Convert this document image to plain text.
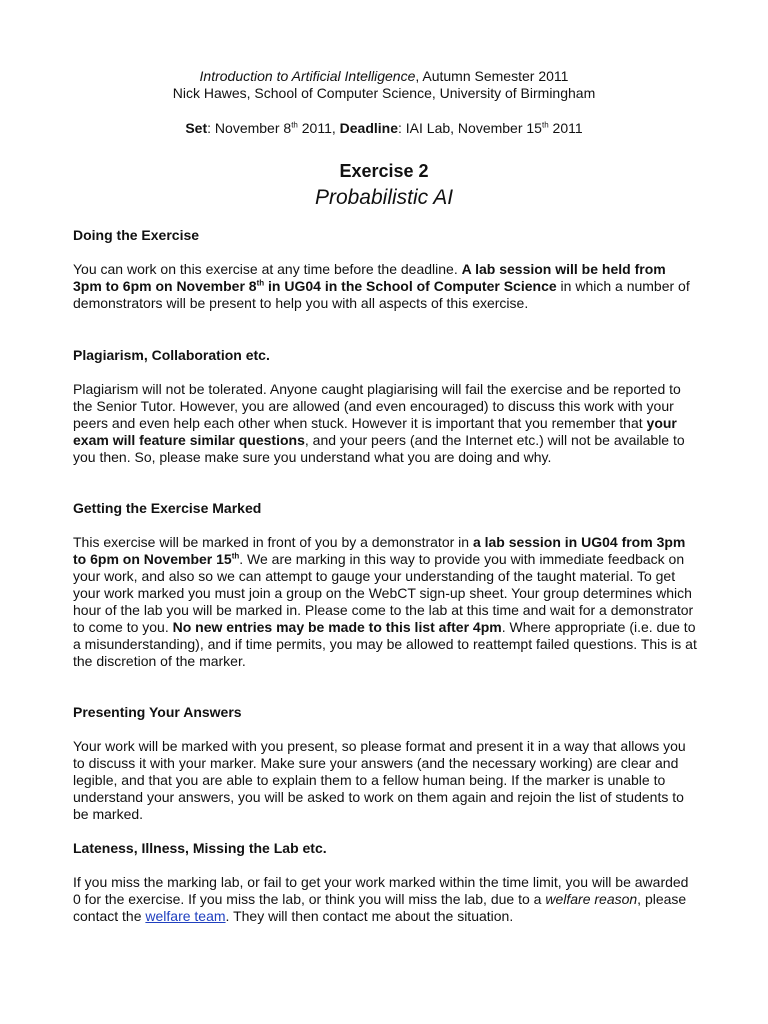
Introduction to Artificial Intelligence, Autumn Semester 2011
Nick Hawes, School of Computer Science, University of Birmingham
Set: November 8th 2011, Deadline: IAI Lab, November 15th 2011
Exercise 2
Probabilistic AI
Doing the Exercise

You can work on this exercise at any time before the deadline. A lab session will be held from 3pm to 6pm on November 8th in UG04 in the School of Computer Science in which a number of demonstrators will be present to help you with all aspects of this exercise.

Plagiarism, Collaboration etc.

Plagiarism will not be tolerated. Anyone caught plagiarising will fail the exercise and be reported to the Senior Tutor. However, you are allowed (and even encouraged) to discuss this work with your peers and even help each other when stuck. However it is important that you remember that your exam will feature similar questions, and your peers (and the Internet etc.) will not be available to you then. So, please make sure you understand what you are doing and why.

Getting the Exercise Marked

This exercise will be marked in front of you by a demonstrator in a lab session in UG04 from 3pm to 6pm on November 15th. We are marking in this way to provide you with immediate feedback on your work, and also so we can attempt to gauge your understanding of the taught material. To get your work marked you must join a group on the WebCT sign-up sheet. Your group determines which hour of the lab you will be marked in. Please come to the lab at this time and wait for a demonstrator to come to you. No new entries may be made to this list after 4pm. Where appropriate (i.e. due to a misunderstanding), and if time permits, you may be allowed to reattempt failed questions. This is at the discretion of the marker.

Presenting Your Answers

Your work will be marked with you present, so please format and present it in a way that allows you to discuss it with your marker. Make sure your answers (and the necessary working) are clear and legible, and that you are able to explain them to a fellow human being. If the marker is unable to understand your answers, you will be asked to work on them again and rejoin the list of students to be marked.

Lateness, Illness, Missing the Lab etc.

If you miss the marking lab, or fail to get your work marked within the time limit, you will be awarded 0 for the exercise. If you miss the lab, or think you will miss the lab, due to a welfare reason, please contact the welfare team. They will then contact me about the situation.
